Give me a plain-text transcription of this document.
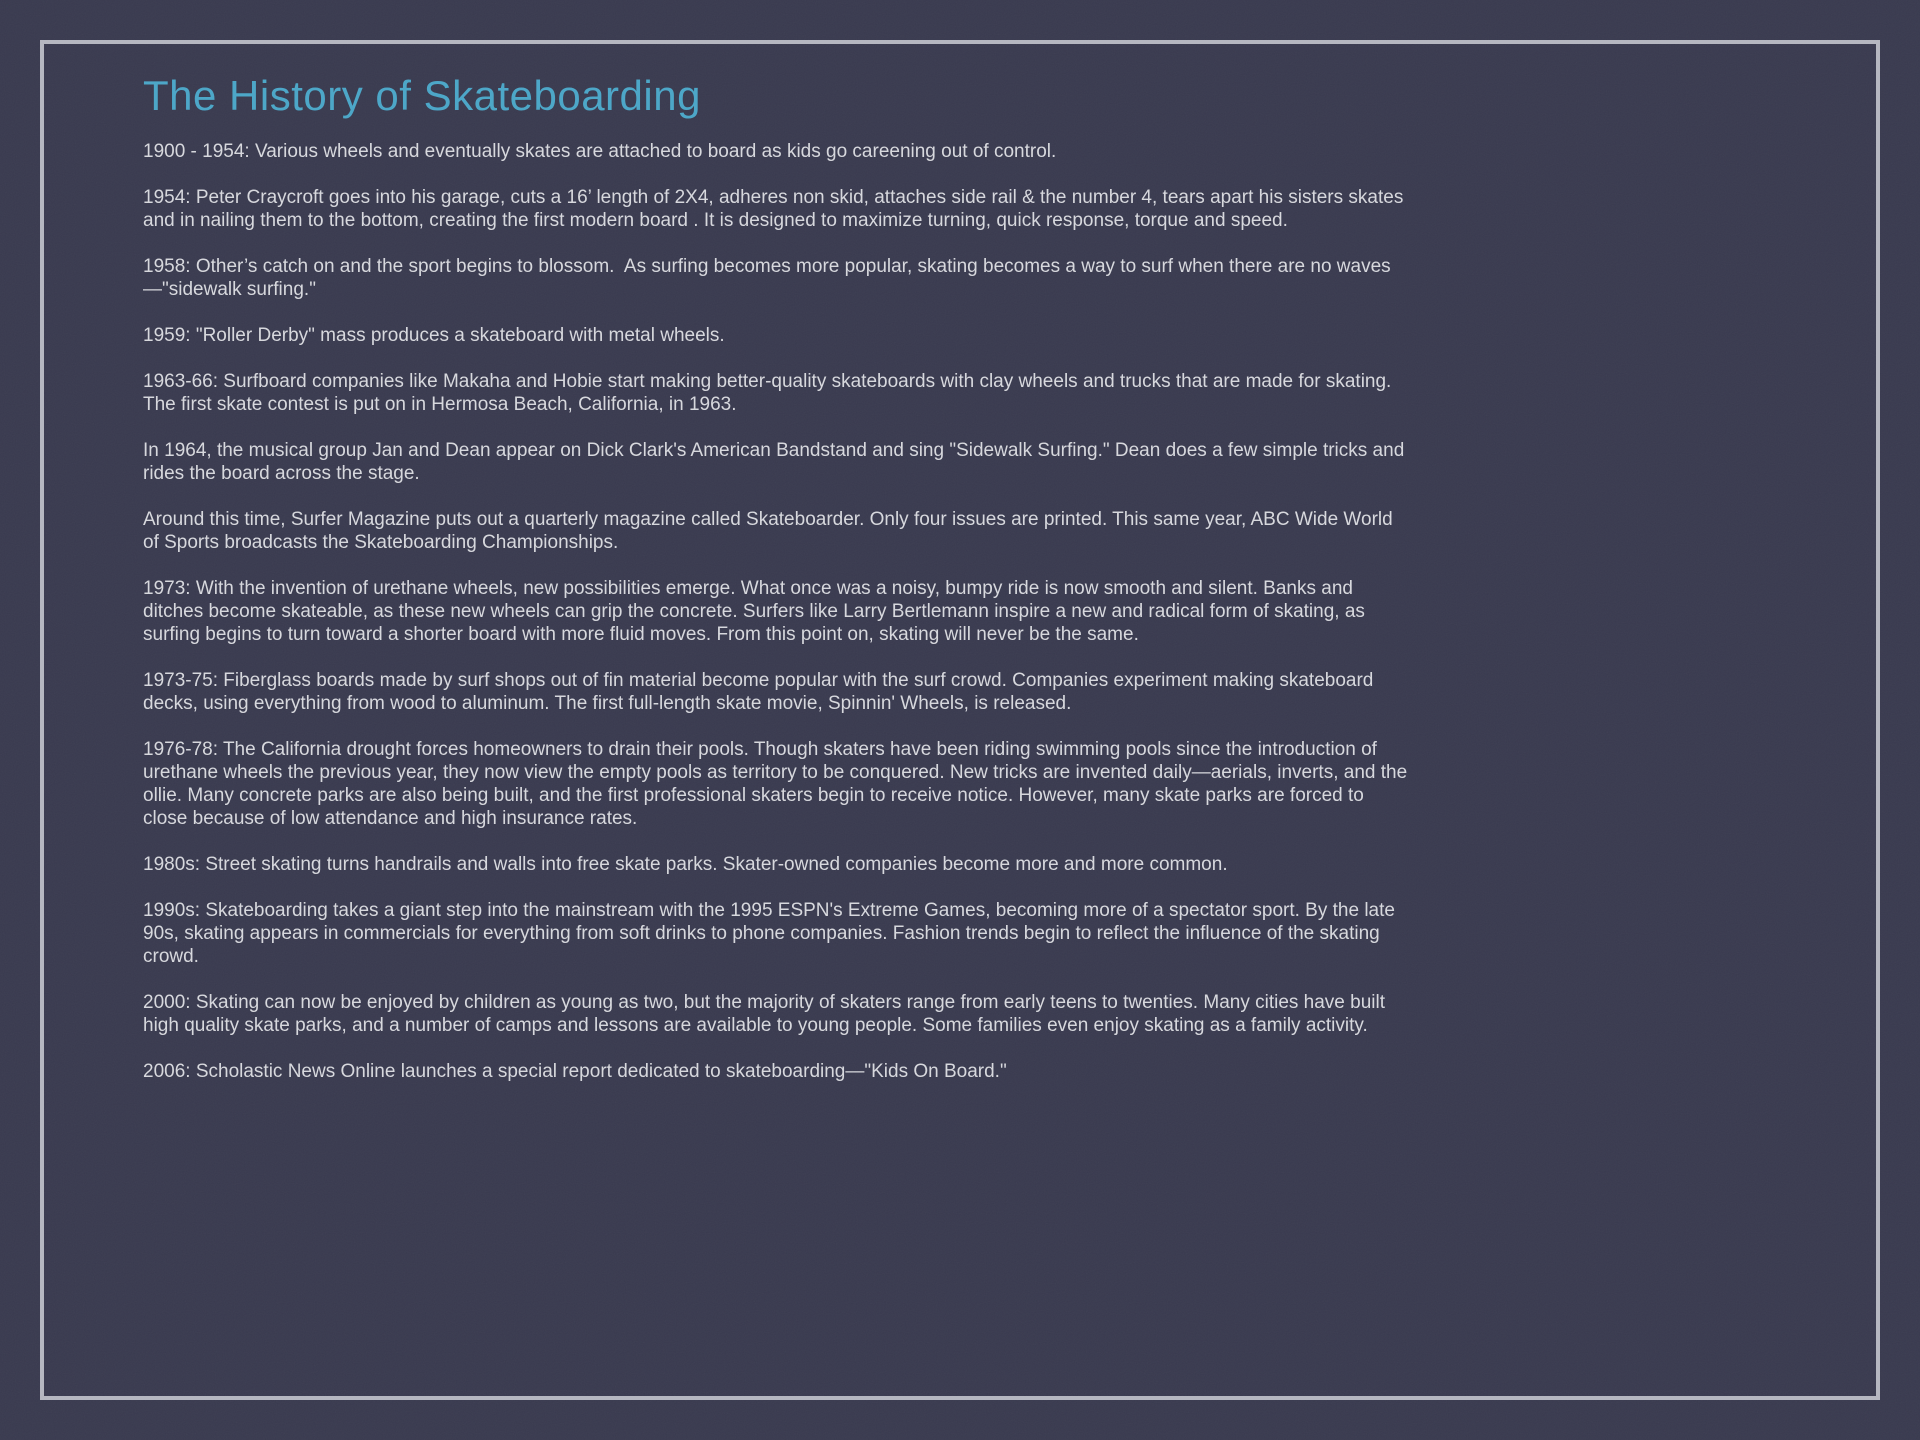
The History of Skateboarding

1900 - 1954: Various wheels and eventually skates are attached to board as kids go careening out of control.

1954: Peter Craycroft goes into his garage, cuts a 16’ length of 2X4, adheres non skid, attaches side rail & the number 4, tears apart his sisters skates and in nailing them to the bottom, creating the first modern board . It is designed to maximize turning, quick response, torque and speed.

1958: Other’s catch on and the sport begins to blossom.  As surfing becomes more popular, skating becomes a way to surf when there are no waves—"sidewalk surfing."

1959: "Roller Derby" mass produces a skateboard with metal wheels.

1963-66: Surfboard companies like Makaha and Hobie start making better-quality skateboards with clay wheels and trucks that are made for skating. The first skate contest is put on in Hermosa Beach, California, in 1963.

In 1964, the musical group Jan and Dean appear on Dick Clark's American Bandstand and sing "Sidewalk Surfing." Dean does a few simple tricks and rides the board across the stage.

Around this time, Surfer Magazine puts out a quarterly magazine called Skateboarder. Only four issues are printed. This same year, ABC Wide World of Sports broadcasts the Skateboarding Championships.

1973: With the invention of urethane wheels, new possibilities emerge. What once was a noisy, bumpy ride is now smooth and silent. Banks and ditches become skateable, as these new wheels can grip the concrete. Surfers like Larry Bertlemann inspire a new and radical form of skating, as surfing begins to turn toward a shorter board with more fluid moves. From this point on, skating will never be the same.

1973-75: Fiberglass boards made by surf shops out of fin material become popular with the surf crowd. Companies experiment making skateboard decks, using everything from wood to aluminum. The first full-length skate movie, Spinnin' Wheels, is released.

1976-78: The California drought forces homeowners to drain their pools. Though skaters have been riding swimming pools since the introduction of urethane wheels the previous year, they now view the empty pools as territory to be conquered. New tricks are invented daily—aerials, inverts, and the ollie. Many concrete parks are also being built, and the first professional skaters begin to receive notice. However, many skate parks are forced to close because of low attendance and high insurance rates.

1980s: Street skating turns handrails and walls into free skate parks. Skater-owned companies become more and more common.

1990s: Skateboarding takes a giant step into the mainstream with the 1995 ESPN's Extreme Games, becoming more of a spectator sport. By the late 90s, skating appears in commercials for everything from soft drinks to phone companies. Fashion trends begin to reflect the influence of the skating crowd.

2000: Skating can now be enjoyed by children as young as two, but the majority of skaters range from early teens to twenties. Many cities have built high quality skate parks, and a number of camps and lessons are available to young people. Some families even enjoy skating as a family activity.

2006: Scholastic News Online launches a special report dedicated to skateboarding—"Kids On Board."
